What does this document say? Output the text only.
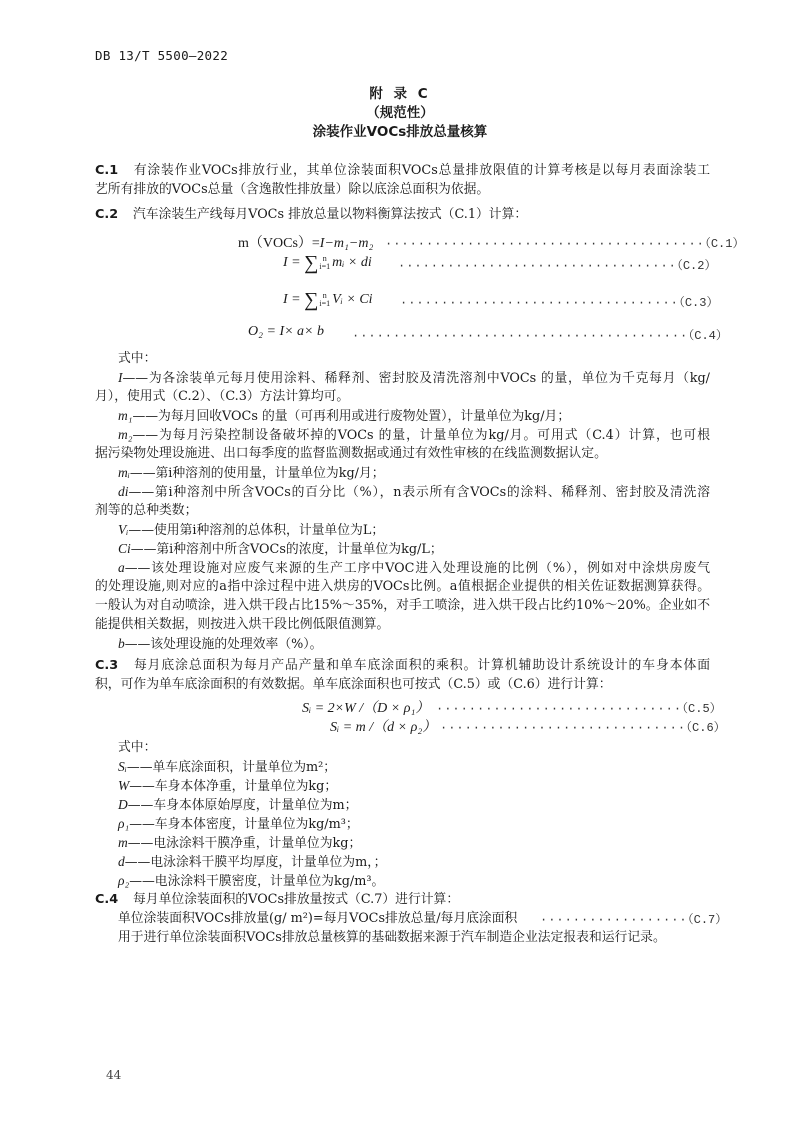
DB 13/T 5500—2022
附 录 C
（规范性）
涂装作业VOCs排放总量核算
C.1 有涂装作业VOCs排放行业，其单位涂装面积VOCs总量排放限值的计算考核是以每月表面涂装工
艺所有排放的VOCs总量（含逸散性排放量）除以底涂总面积为依据。
C.2 汽车涂装生产线每月VOCs 排放总量以物料衡算法按式（C.1）计算：
m（VOCs）=I−m₁−m₂ ·······································（C.1）
I = ∑ n
i=1 mᵢ × di ··································（C.2）
I = ∑ n
i=1 Vᵢ × Ci ··································（C.3）
O₂ = I× a× b ·········································（C.4）
式中：
I——为各涂装单元每月使用涂料、稀释剂、密封胶及清洗溶剂中VOCs 的量，单位为千克每月（kg/
月），使用式（C.2）、（C.3）方法计算均可。
m₁——为每月回收VOCs 的量（可再利用或进行废物处置），计量单位为kg/月；
m₂——为每月污染控制设备破坏掉的VOCs 的量，计量单位为kg/月。可用式（C.4）计算，也可根
据污染物处理设施进、出口每季度的监督监测数据或通过有效性审核的在线监测数据认定。
mᵢ——第i种溶剂的使用量，计量单位为kg/月；
di——第i种溶剂中所含VOCs的百分比（%），n表示所有含VOCs的涂料、稀释剂、密封胶及清洗溶
剂等的总种类数；
Vᵢ——使用第i种溶剂的总体积，计量单位为L；
Ci——第i种溶剂中所含VOCs的浓度，计量单位为kg/L；
a——该处理设施对应废气来源的生产工序中VOC进入处理设施的比例（%），例如对中涂烘房废气
的处理设施,则对应的a指中涂过程中进入烘房的VOCs比例。a值根据企业提供的相关佐证数据测算获得。
一般认为对自动喷涂，进入烘干段占比15%～35%，对手工喷涂，进入烘干段占比约10%～20%。企业如不
能提供相关数据，则按进入烘干段比例低限值测算。
b——该处理设施的处理效率（%）。
C.3 每月底涂总面积为每月产品产量和单车底涂面积的乘积。计算机辅助设计系统设计的车身本体面
积，可作为单车底涂面积的有效数据。单车底涂面积也可按式（C.5）或（C.6）进行计算：
Sᵢ = 2×W /（D × ρ₁） ······························（C.5）
Sᵢ = m /（d × ρ₂） ······························（C.6）
式中：
Sᵢ——单车底涂面积，计量单位为m²；
W——车身本体净重，计量单位为kg；
D——车身本体原始厚度，计量单位为m；
ρ₁——车身本体密度，计量单位为kg/m³；
m——电泳涂料干膜净重，计量单位为kg；
d——电泳涂料干膜平均厚度，计量单位为m，；
ρ₂——电泳涂料干膜密度，计量单位为kg/m³。
C.4 每月单位涂装面积的VOCs排放量按式（C.7）进行计算：
单位涂装面积VOCs排放量(g/ m²)=每月VOCs排放总量/每月底涂面积 ··················（C.7）
用于进行单位涂装面积VOCs排放总量核算的基础数据来源于汽车制造企业法定报表和运行记录。
44
